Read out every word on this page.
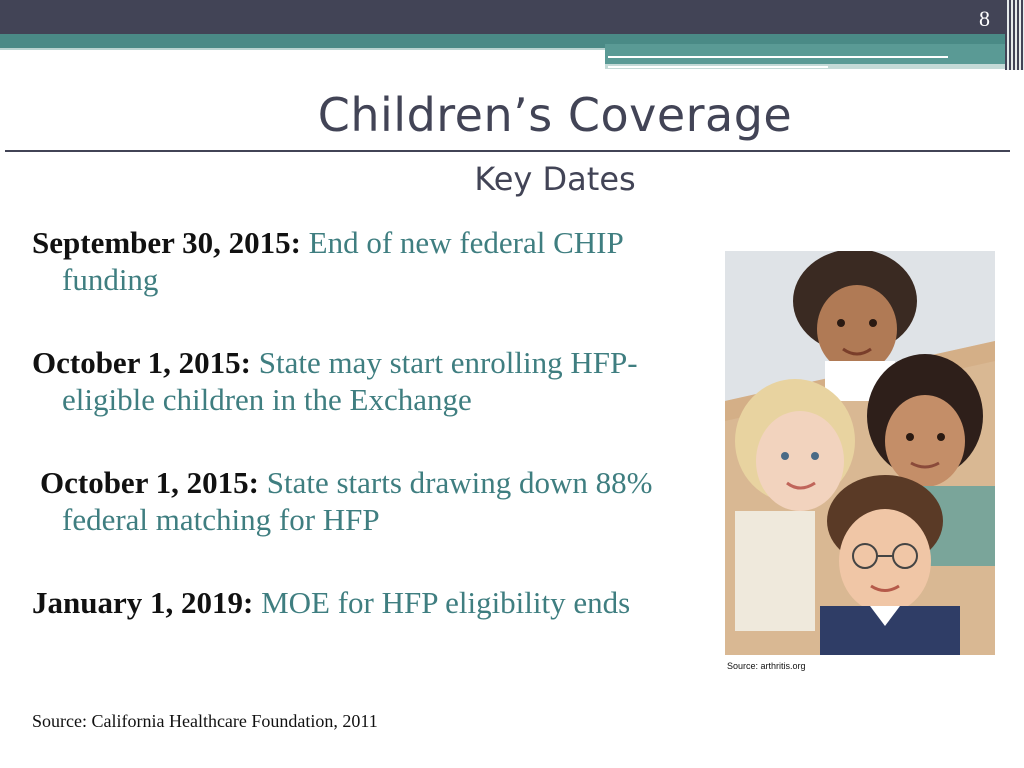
8
Children’s Coverage
Key Dates
September 30, 2015: End of new federal CHIP funding
October 1, 2015: State may start enrolling HFP-eligible children in the Exchange
October 1, 2015: State starts drawing down 88% federal matching for HFP
January 1, 2019: MOE for HFP eligibility ends
Source: California Healthcare Foundation, 2011
Source: arthritis.org
